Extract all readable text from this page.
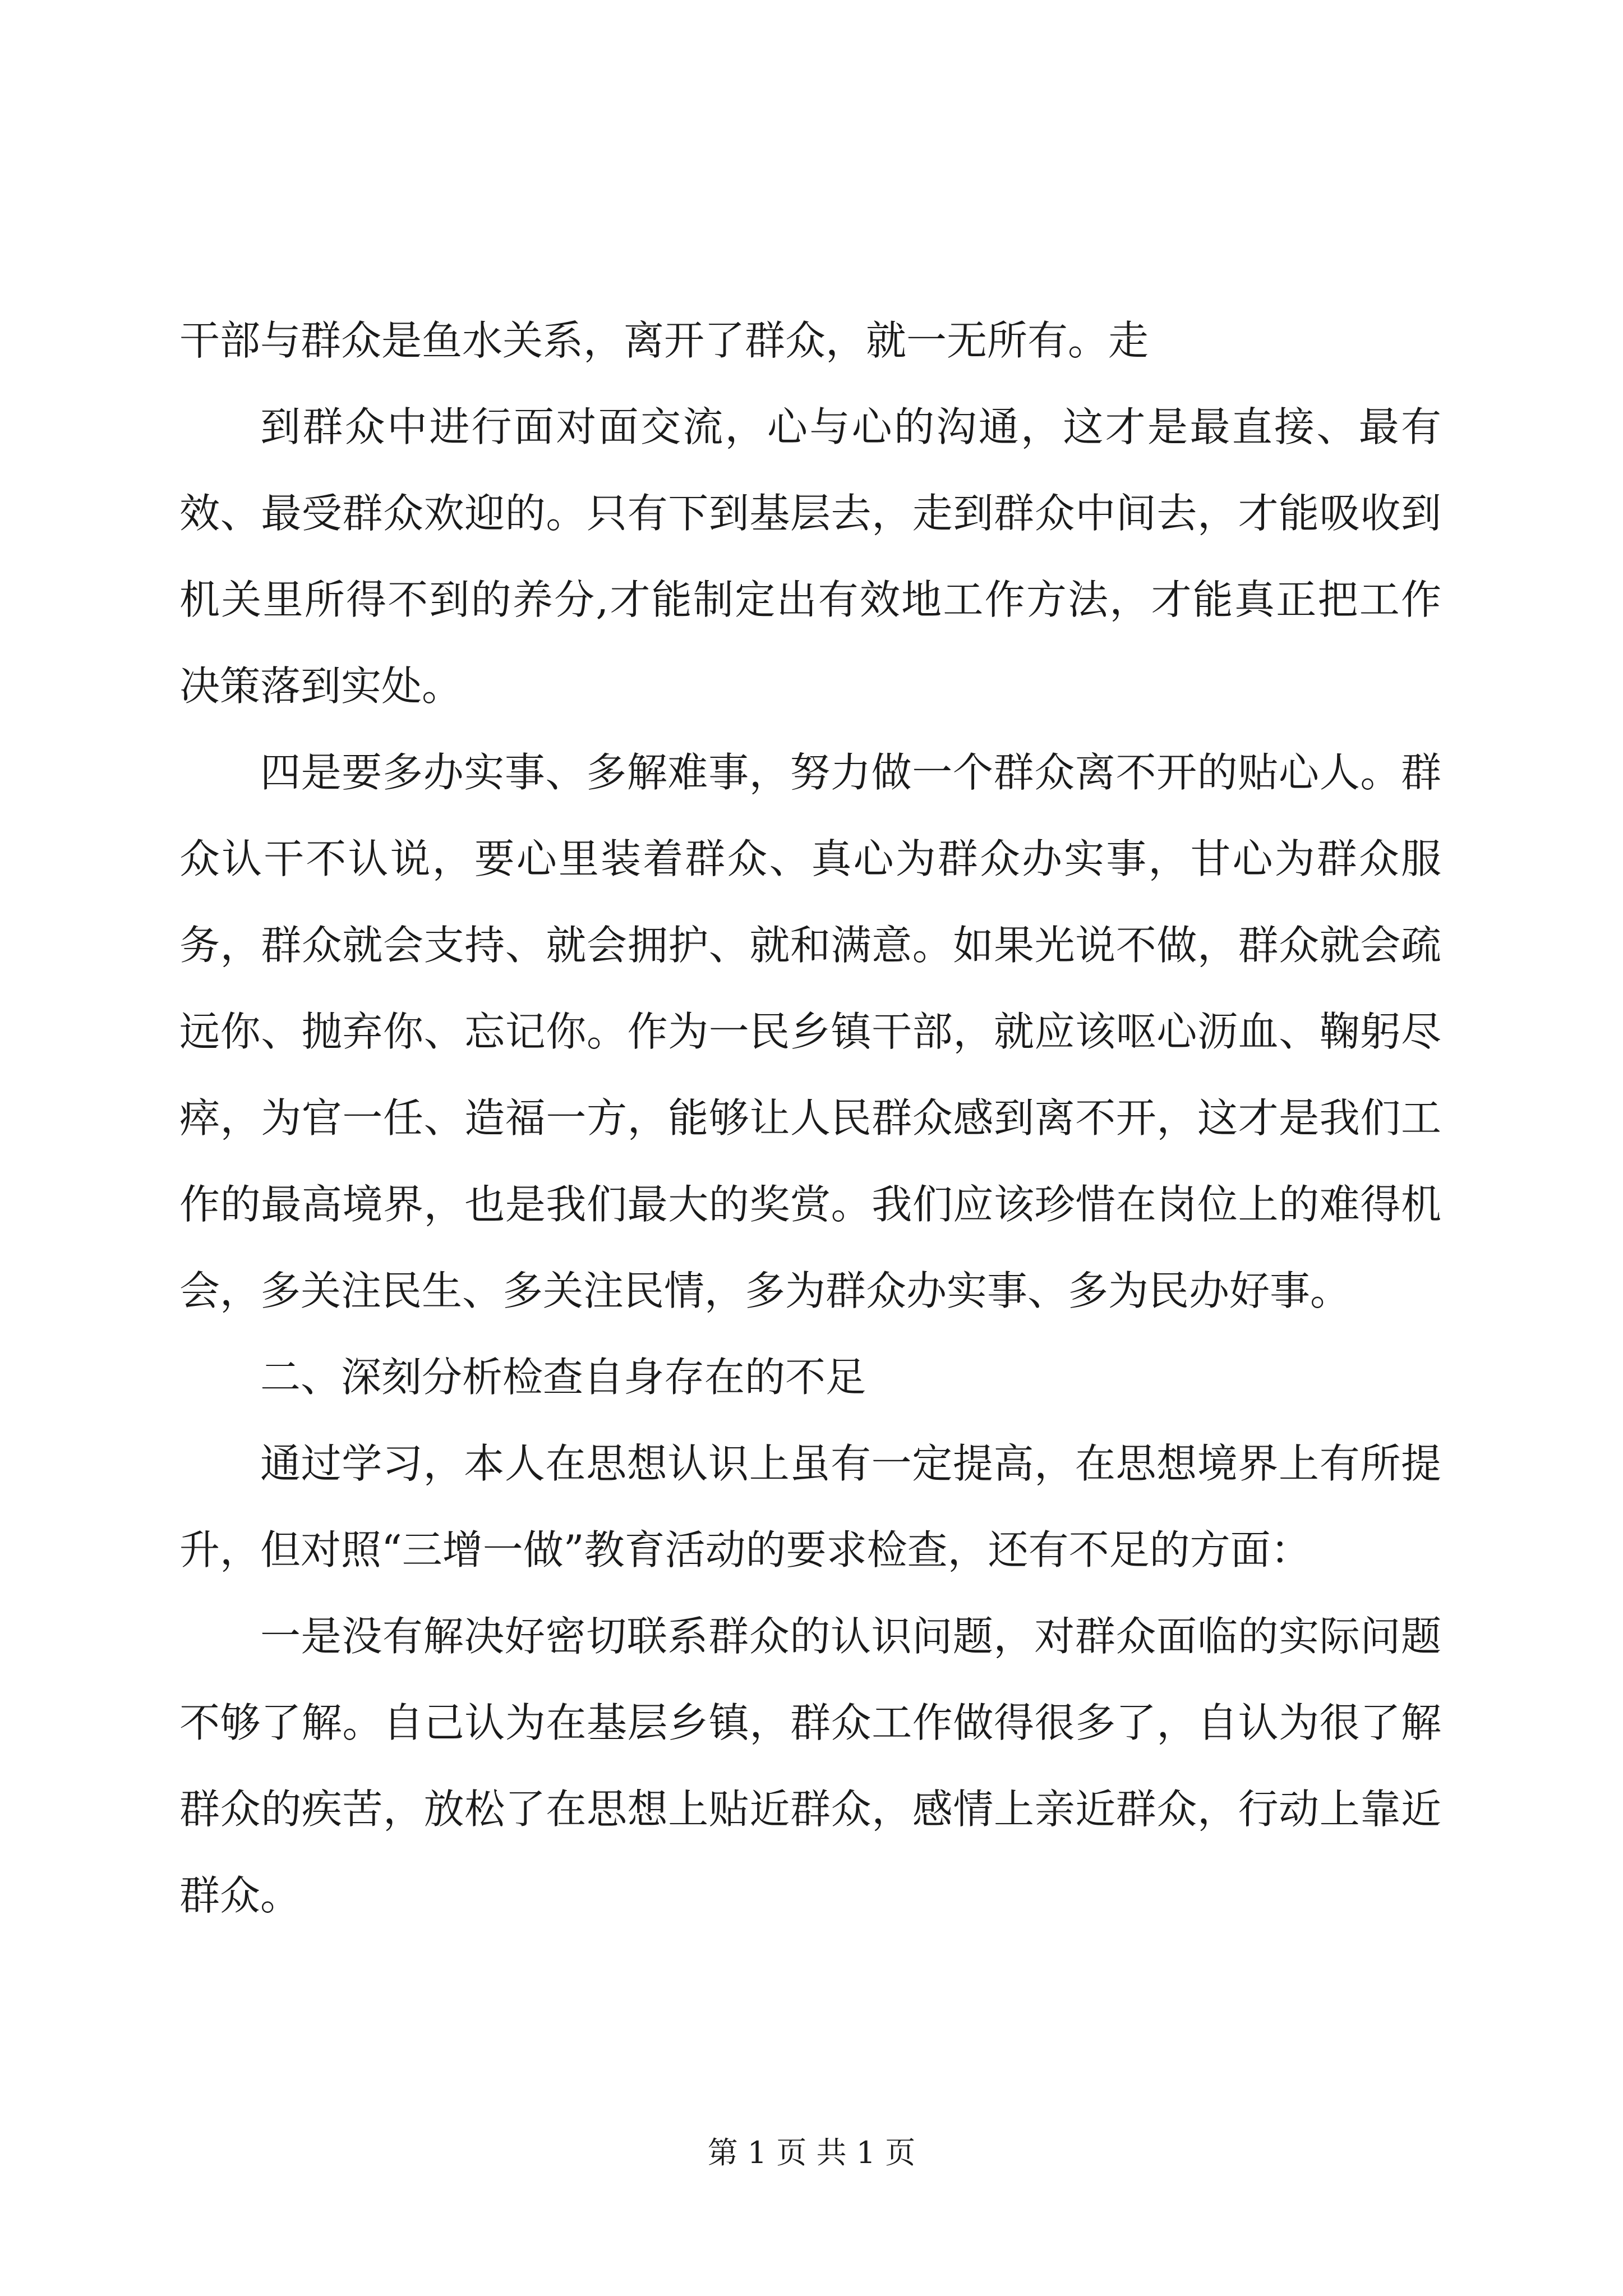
干部与群众是鱼水关系，离开了群众，就一无所有。走

到群众中进行面对面交流，心与心的沟通，这才是最直接、最有效、最受群众欢迎的。只有下到基层去，走到群众中间去，才能吸收到机关里所得不到的养分,才能制定出有效地工作方法，才能真正把工作决策落到实处。

四是要多办实事、多解难事，努力做一个群众离不开的贴心人。群众认干不认说，要心里装着群众、真心为群众办实事，甘心为群众服务，群众就会支持、就会拥护、就和满意。如果光说不做，群众就会疏远你、抛弃你、忘记你。作为一民乡镇干部，就应该呕心沥血、鞠躬尽瘁，为官一任、造福一方，能够让人民群众感到离不开，这才是我们工作的最高境界，也是我们最大的奖赏。我们应该珍惜在岗位上的难得机会，多关注民生、多关注民情，多为群众办实事、多为民办好事。

二、深刻分析检查自身存在的不足

通过学习，本人在思想认识上虽有一定提高，在思想境界上有所提升，但对照“三增一做”教育活动的要求检查，还有不足的方面：

一是没有解决好密切联系群众的认识问题，对群众面临的实际问题不够了解。自己认为在基层乡镇，群众工作做得很多了，自认为很了解群众的疾苦，放松了在思想上贴近群众，感情上亲近群众，行动上靠近群众。

第 1 页 共 1 页
